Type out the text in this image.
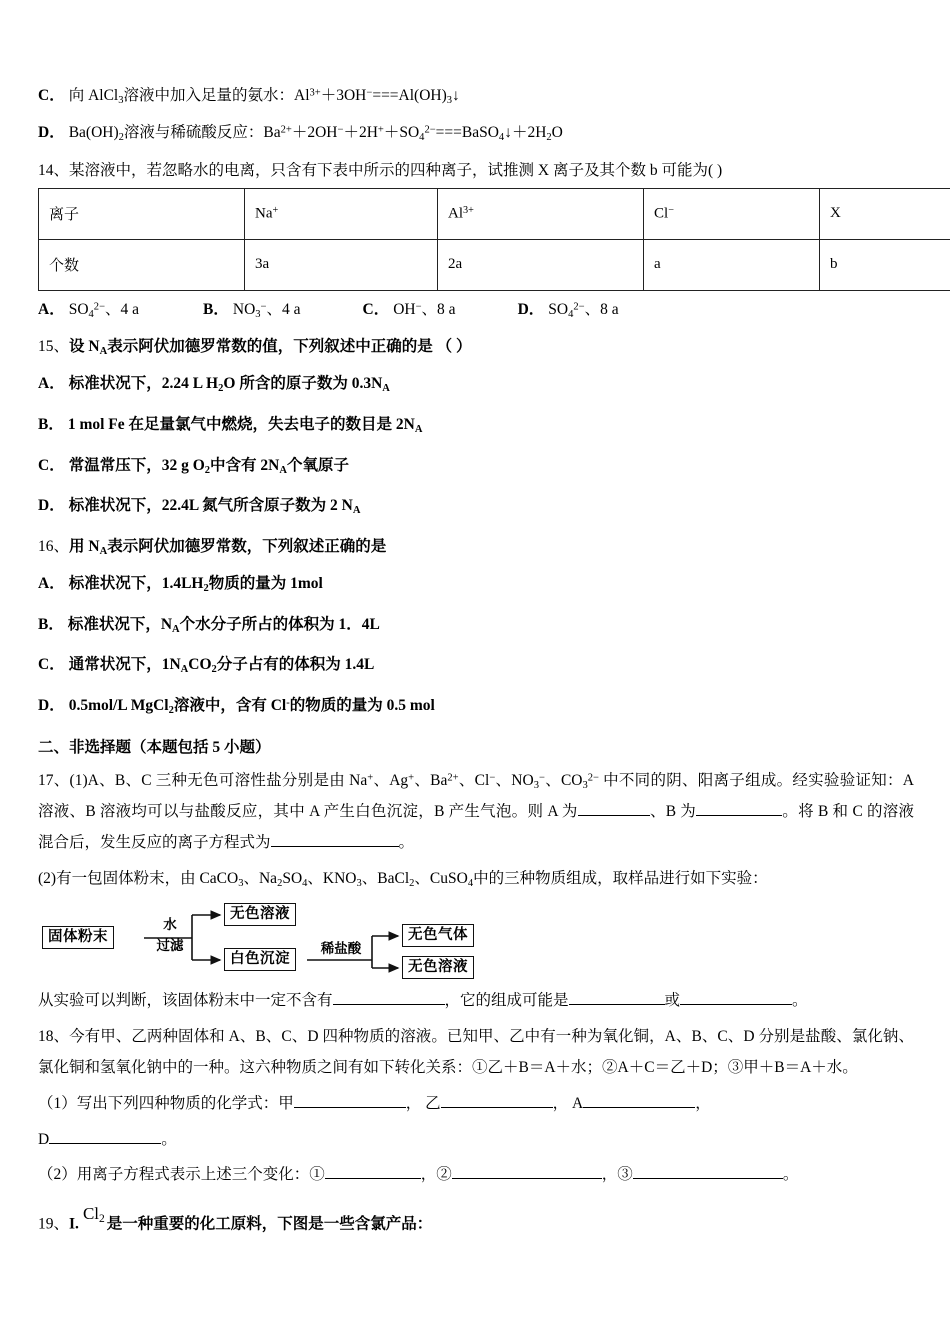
C． 向 AlCl$_3$溶液中加入足量的氨水：$Al^{3+}+3OH^-===Al(OH)_3↓$
D． $Ba(OH)_2$溶液与稀硫酸反应：$Ba^{2+}+2OH^-+2H^++SO_4^{2-}===BaSO_4↓+2H_2O$
14、某溶液中，若忽略水的电离，只含有下表中所示的四种离子，试推测 X 离子及其个数 b 可能为( )
离子	Na+	$Al^{3+}$	Cl−	X
个数	3a	2a	a	b
A． $SO_4^{2-}$、4 a	B． $NO_3^-$、4 a	C． OH−、8 a	D． $SO_4^{2-}$、8 a
15、设 $N_A$表示阿伏加德罗常数的值，下列叙述中正确的是 （ ）
A． 标准状况下，2.24 L $H_2O$ 所含的原子数为 $0.3N_A$
B． 1 mol Fe 在足量氯气中燃烧，失去电子的数目是 $2N_A$
C． 常温常压下，32 g $O_2$中含有 $2N_A$个氧原子
D． 标准状况下，22.4L 氮气所含原子数为 2 $N_A$
16、用 $N_A$表示阿伏加德罗常数，下列叙述正确的是
A． 标准状况下，$1.4LH_2$物质的量为 1mol
B． 标准状况下，$N_A$个水分子所占的体积为 1．4L
C． 通常状况下，$1N_ACO_2$分子占有的体积为 1.4L
D． 0.5mol/L MgCl$_2$溶液中，含有 Cl-的物质的量为 0.5 mol
二、非选择题（本题包括 5 小题）
17、(1)A、B、C 三种无色可溶性盐分别是由 Na+、Ag+、$Ba^{2+}$、Cl−、$NO_3^-$、$CO_3^{2-}$ 中不同的阴、阳离子组成。经实验验证知：A 溶液、B 溶液均可以与盐酸反应，其中 A 产生白色沉淀，B 产生气泡。则 A 为	、B 为	。将 B 和 C 的溶液混合后，发生反应的离子方程式为	。
(2)有一包固体粉末，由 CaCO$_3$、$Na_2SO_4$、$KNO_3$、BaCl$_2$、CuSO$_4$中的三种物质组成，取样品进行如下实验：
固体粉末
水
过滤
无色溶液
白色沉淀
稀盐酸
无色气体
无色溶液
从实验可以判断，该固体粉末中一定不含有	，它的组成可能是	或	。
18、今有甲、乙两种固体和 A、B、C、D 四种物质的溶液。已知甲、乙中有一种为氧化铜，A、B、C、D 分别是盐酸、氯化钠、氯化铜和氢氧化钠中的一种。这六种物质之间有如下转化关系：①乙＋B＝A＋水；②A＋C＝乙＋D；③甲＋B＝A＋水。
（1）写出下列四种物质的化学式：甲	， 乙	， A	，
D	。
（2）用离子方程式表示上述三个变化：①	，②	，③	。
19、$I.Cl_2$ 是一种重要的化工原料，下图是一些含氯产品：
